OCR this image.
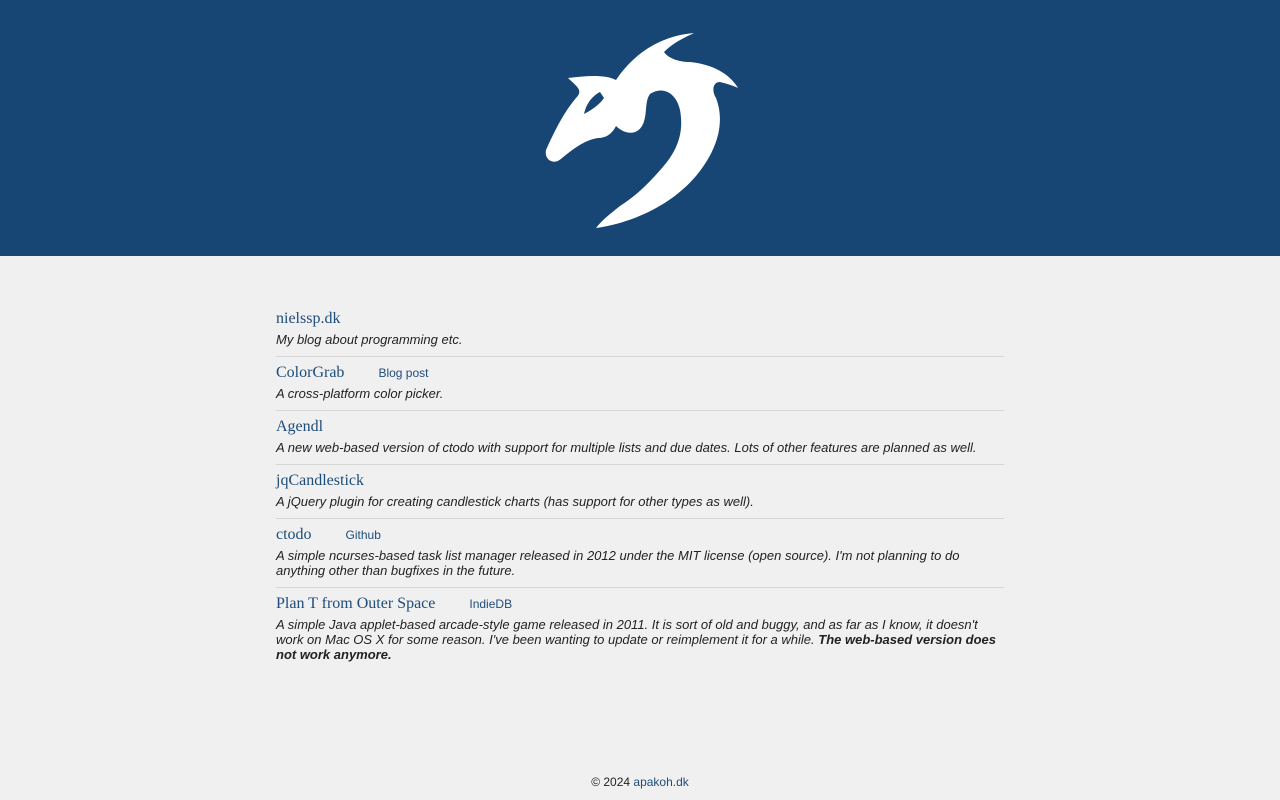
nielssp.dk

My blog about programming etc.

ColorGrab	Blog post

A cross-platform color picker.

Agendl

A new web-based version of ctodo with support for multiple lists and due dates. Lots of other features are planned as well.

jqCandlestick

A jQuery plugin for creating candlestick charts (has support for other types as well).

ctodo	Github

A simple ncurses-based task list manager released in 2012 under the MIT license (open source). I'm not planning to do anything other than bugfixes in the future.

Plan T from Outer Space	IndieDB

A simple Java applet-based arcade-style game released in 2011. It is sort of old and buggy, and as far as I know, it doesn't work on Mac OS X for some reason. I've been wanting to update or reimplement it for a while. The web-based version does not work anymore.

© 2024 apakoh.dk
